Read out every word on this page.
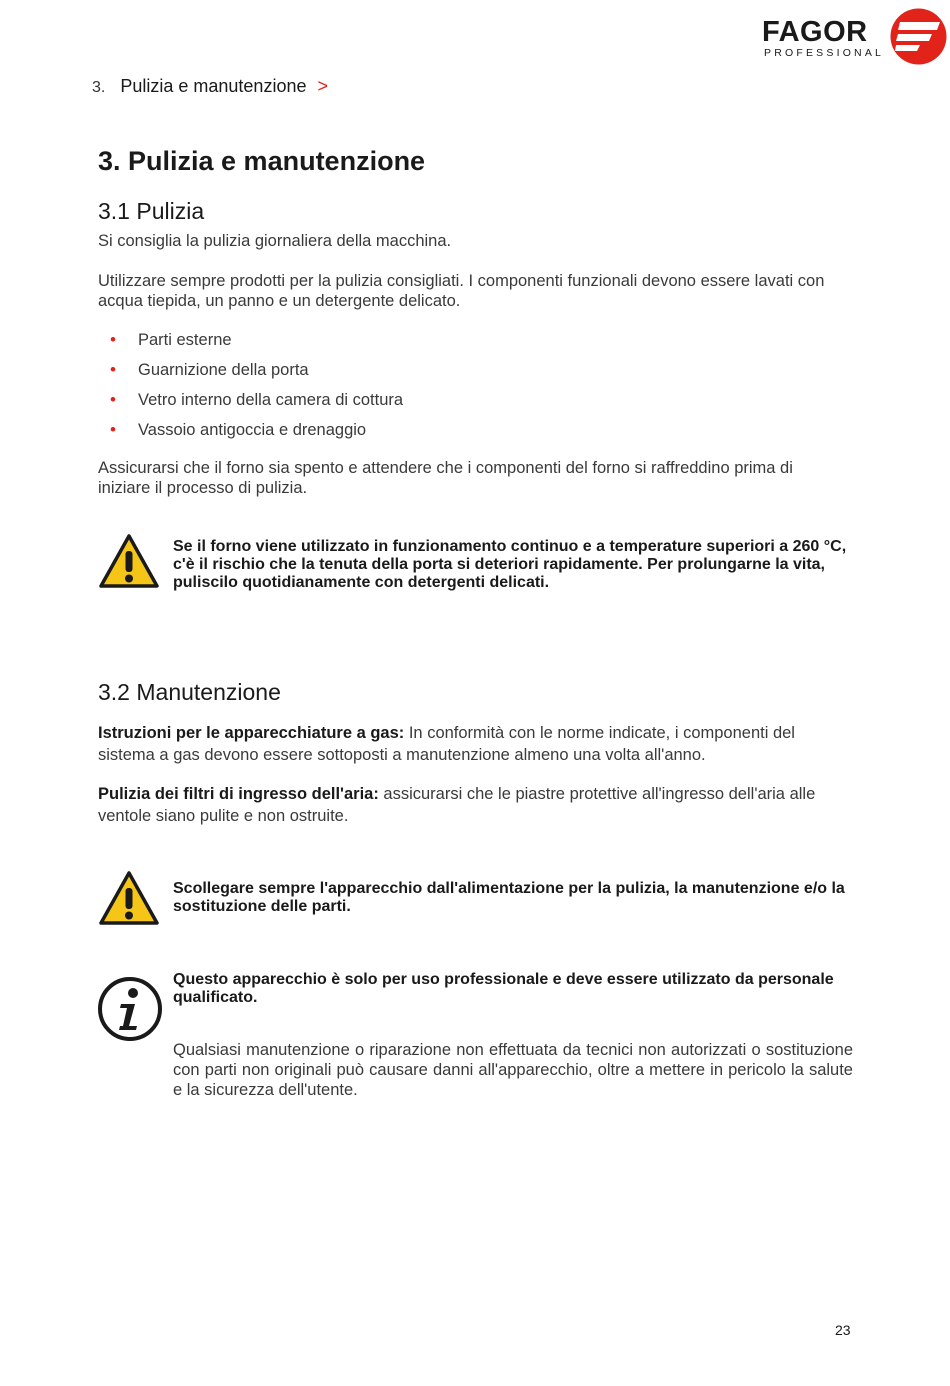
FAGOR
PROFESSIONAL
3. Pulizia e manutenzione >
3. Pulizia e manutenzione
3.1 Pulizia
Si consiglia la pulizia giornaliera della macchina.
Utilizzare sempre prodotti per la pulizia consigliati. I componenti funzionali devono essere lavati con acqua tiepida, un panno e un detergente delicato.
• Parti esterne
• Guarnizione della porta
• Vetro interno della camera di cottura
• Vassoio antigoccia e drenaggio
Assicurarsi che il forno sia spento e attendere che i componenti del forno si raffreddino prima di iniziare il processo di pulizia.
Se il forno viene utilizzato in funzionamento continuo e a temperature superiori a 260 °C, c'è il rischio che la tenuta della porta si deteriori rapidamente. Per prolungarne la vita, puliscilo quotidianamente con detergenti delicati.
3.2 Manutenzione
Istruzioni per le apparecchiature a gas: In conformità con le norme indicate, i componenti del sistema a gas devono essere sottoposti a manutenzione almeno una volta all'anno.
Pulizia dei filtri di ingresso dell'aria: assicurarsi che le piastre protettive all'ingresso dell'aria alle ventole siano pulite e non ostruite.
Scollegare sempre l'apparecchio dall'alimentazione per la pulizia, la manutenzione e/o la sostituzione delle parti.
Questo apparecchio è solo per uso professionale e deve essere utilizzato da personale qualificato.
Qualsiasi manutenzione o riparazione non effettuata da tecnici non autorizzati o sostituzione con parti non originali può causare danni all'apparecchio, oltre a mettere in pericolo la salute e la sicurezza dell'utente.
23
